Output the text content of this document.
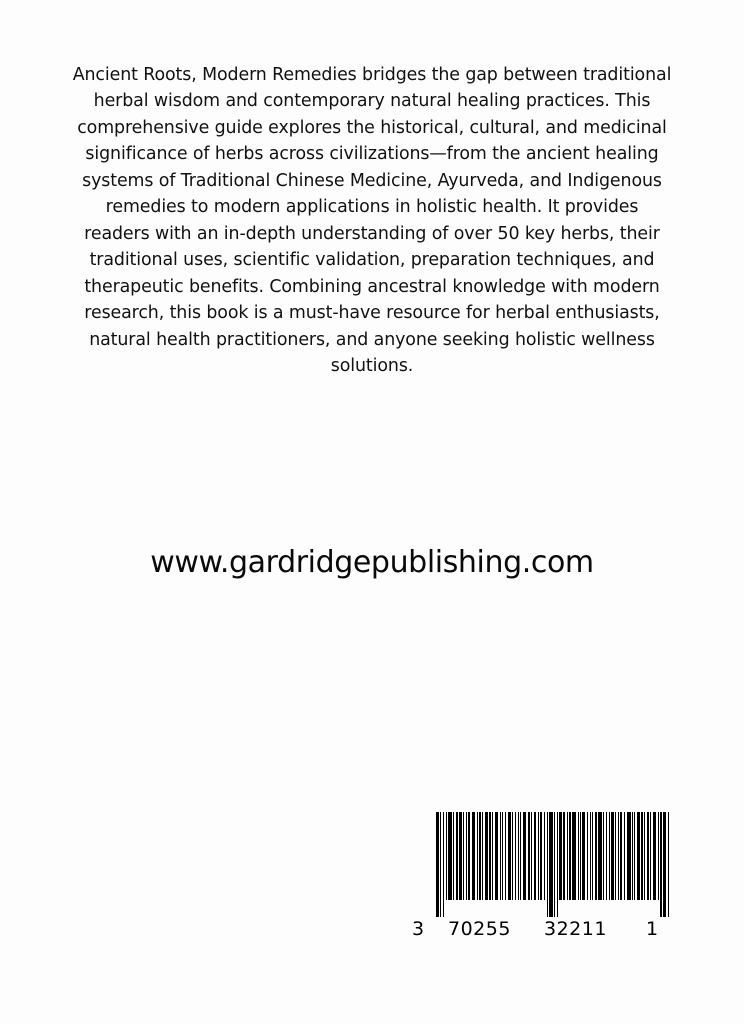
Ancient Roots, Modern Remedies bridges the gap between traditional herbal wisdom and contemporary natural healing practices. This comprehensive guide explores the historical, cultural, and medicinal significance of herbs across civilizations—from the ancient healing systems of Traditional Chinese Medicine, Ayurveda, and Indigenous remedies to modern applications in holistic health. It provides readers with an in-depth understanding of over 50 key herbs, their traditional uses, scientific validation, preparation techniques, and therapeutic benefits. Combining ancestral knowledge with modern research, this book is a must-have resource for herbal enthusiasts, natural health practitioners, and anyone seeking holistic wellness solutions.
www.gardridgepublishing.com
3 70255 32211 1
